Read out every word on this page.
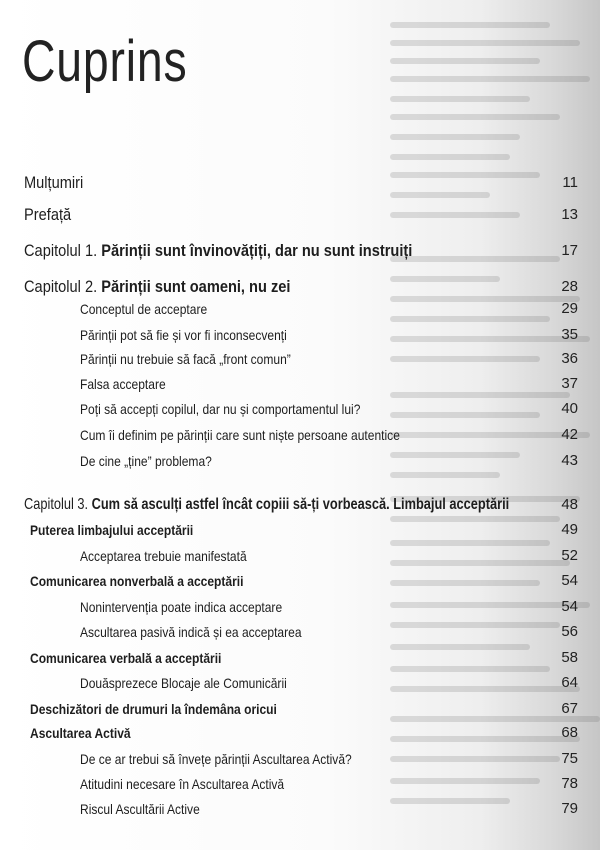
Cuprins
Mulțumiri	11
Prefață	13
Capitolul 1. Părinții sunt învinovățiți, dar nu sunt instruiți	17
Capitolul 2. Părinții sunt oameni, nu zei	28
Conceptul de acceptare	29
Părinții pot să fie și vor fi inconsecvenți	35
Părinții nu trebuie să facă „front comun”	36
Falsa acceptare	37
Poți să accepți copilul, dar nu și comportamentul lui?	40
Cum îi definim pe părinții care sunt niște persoane autentice	42
De cine „ține” problema?	43
Capitolul 3. Cum să asculți astfel încât copiii să-ți vorbească. Limbajul acceptării	48
Puterea limbajului acceptării	49
Acceptarea trebuie manifestată	52
Comunicarea nonverbală a acceptării	54
Nonintervenția poate indica acceptare	54
Ascultarea pasivă indică și ea acceptarea	56
Comunicarea verbală a acceptării	58
Douăsprezece Blocaje ale Comunicării	64
Deschizători de drumuri la îndemâna oricui	67
Ascultarea Activă	68
De ce ar trebui să învețe părinții Ascultarea Activă?	75
Atitudini necesare în Ascultarea Activă	78
Riscul Ascultării Active	79
